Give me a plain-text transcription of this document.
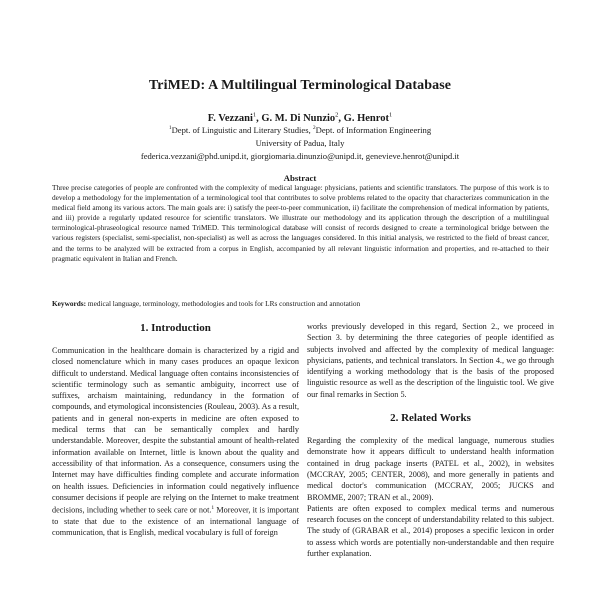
TriMED: A Multilingual Terminological Database
F. Vezzani$^1$, G. M. Di Nunzio$^2$, G. Henrot$^1$
$^1$Dept. of Linguistic and Literary Studies, $^2$Dept. of Information Engineering
University of Padua, Italy
federica.vezzani@phd.unipd.it, giorgiomaria.dinunzio@unipd.it, genevieve.henrot@unipd.it
Abstract
Three precise categories of people are confronted with the complexity of medical language: physicians, patients and scientific translators. The purpose of this work is to develop a methodology for the implementation of a terminological tool that contributes to solve problems related to the opacity that characterizes communication in the medical field among its various actors. The main goals are: i) satisfy the peer-to-peer communication, ii) facilitate the comprehension of medical information by patients, and iii) provide a regularly updated resource for scientific translators. We illustrate our methodology and its application through the description of a multilingual terminological-phraseological resource named TriMED. This terminological database will consist of records designed to create a terminological bridge between the various registers (specialist, semi-specialist, non-specialist) as well as across the languages considered. In this initial analysis, we restricted to the field of breast cancer, and the terms to be analyzed will be extracted from a corpus in English, accompanied by all relevant linguistic information and properties, and re-attached to their pragmatic equivalent in Italian and French.
Keywords: medical language, terminology, methodologies and tools for LRs construction and annotation
1. Introduction

Communication in the healthcare domain is characterized by a rigid and closed nomenclature which in many cases produces an opaque lexicon difficult to understand. Medical language often contains inconsistencies of scientific terminology such as semantic ambiguity, incorrect use of suffixes, archaism maintaining, redundancy in the formation of compounds, and etymological inconsistencies (Rouleau, 2003). As a result, patients and in general non-experts in medicine are often exposed to medical terms that can be semantically complex and hardly understandable. Moreover, despite the substantial amount of health-related information available on Internet, little is known about the quality and accessibility of that information. As a consequence, consumers using the Internet may have difficulties finding complete and accurate information on health issues. Deficiencies in information could negatively influence consumer decisions if people are relying on the Internet to make treatment decisions, including whether to seek care or not.$^1$ Moreover, it is important to state that due to the existence of an international language of communication, that is English, medical vocabulary is full of foreign

works previously developed in this regard, Section 2., we proceed in Section 3. by determining the three categories of people identified as subjects involved and affected by the complexity of medical language: physicians, patients, and technical translators. In Section 4., we go through identifying a working methodology that is the basis of the proposed linguistic resource as well as the description of the linguistic tool. We give our final remarks in Section 5.

2. Related Works

Regarding the complexity of the medical language, numerous studies demonstrate how it appears difficult to understand health information contained in drug package inserts (PATEL et al., 2002), in websites (MCCRAY, 2005; CENTER, 2008), and more generally in patients and medical doctor's communication (MCCRAY, 2005; JUCKS and BROMME, 2007; TRAN et al., 2009).

Patients are often exposed to complex medical terms and numerous research focuses on the concept of understandability related to this subject. The study of (GRABAR et al., 2014) proposes a specific lexicon in order to assess which words are potentially non-understandable and then require further explanation.
